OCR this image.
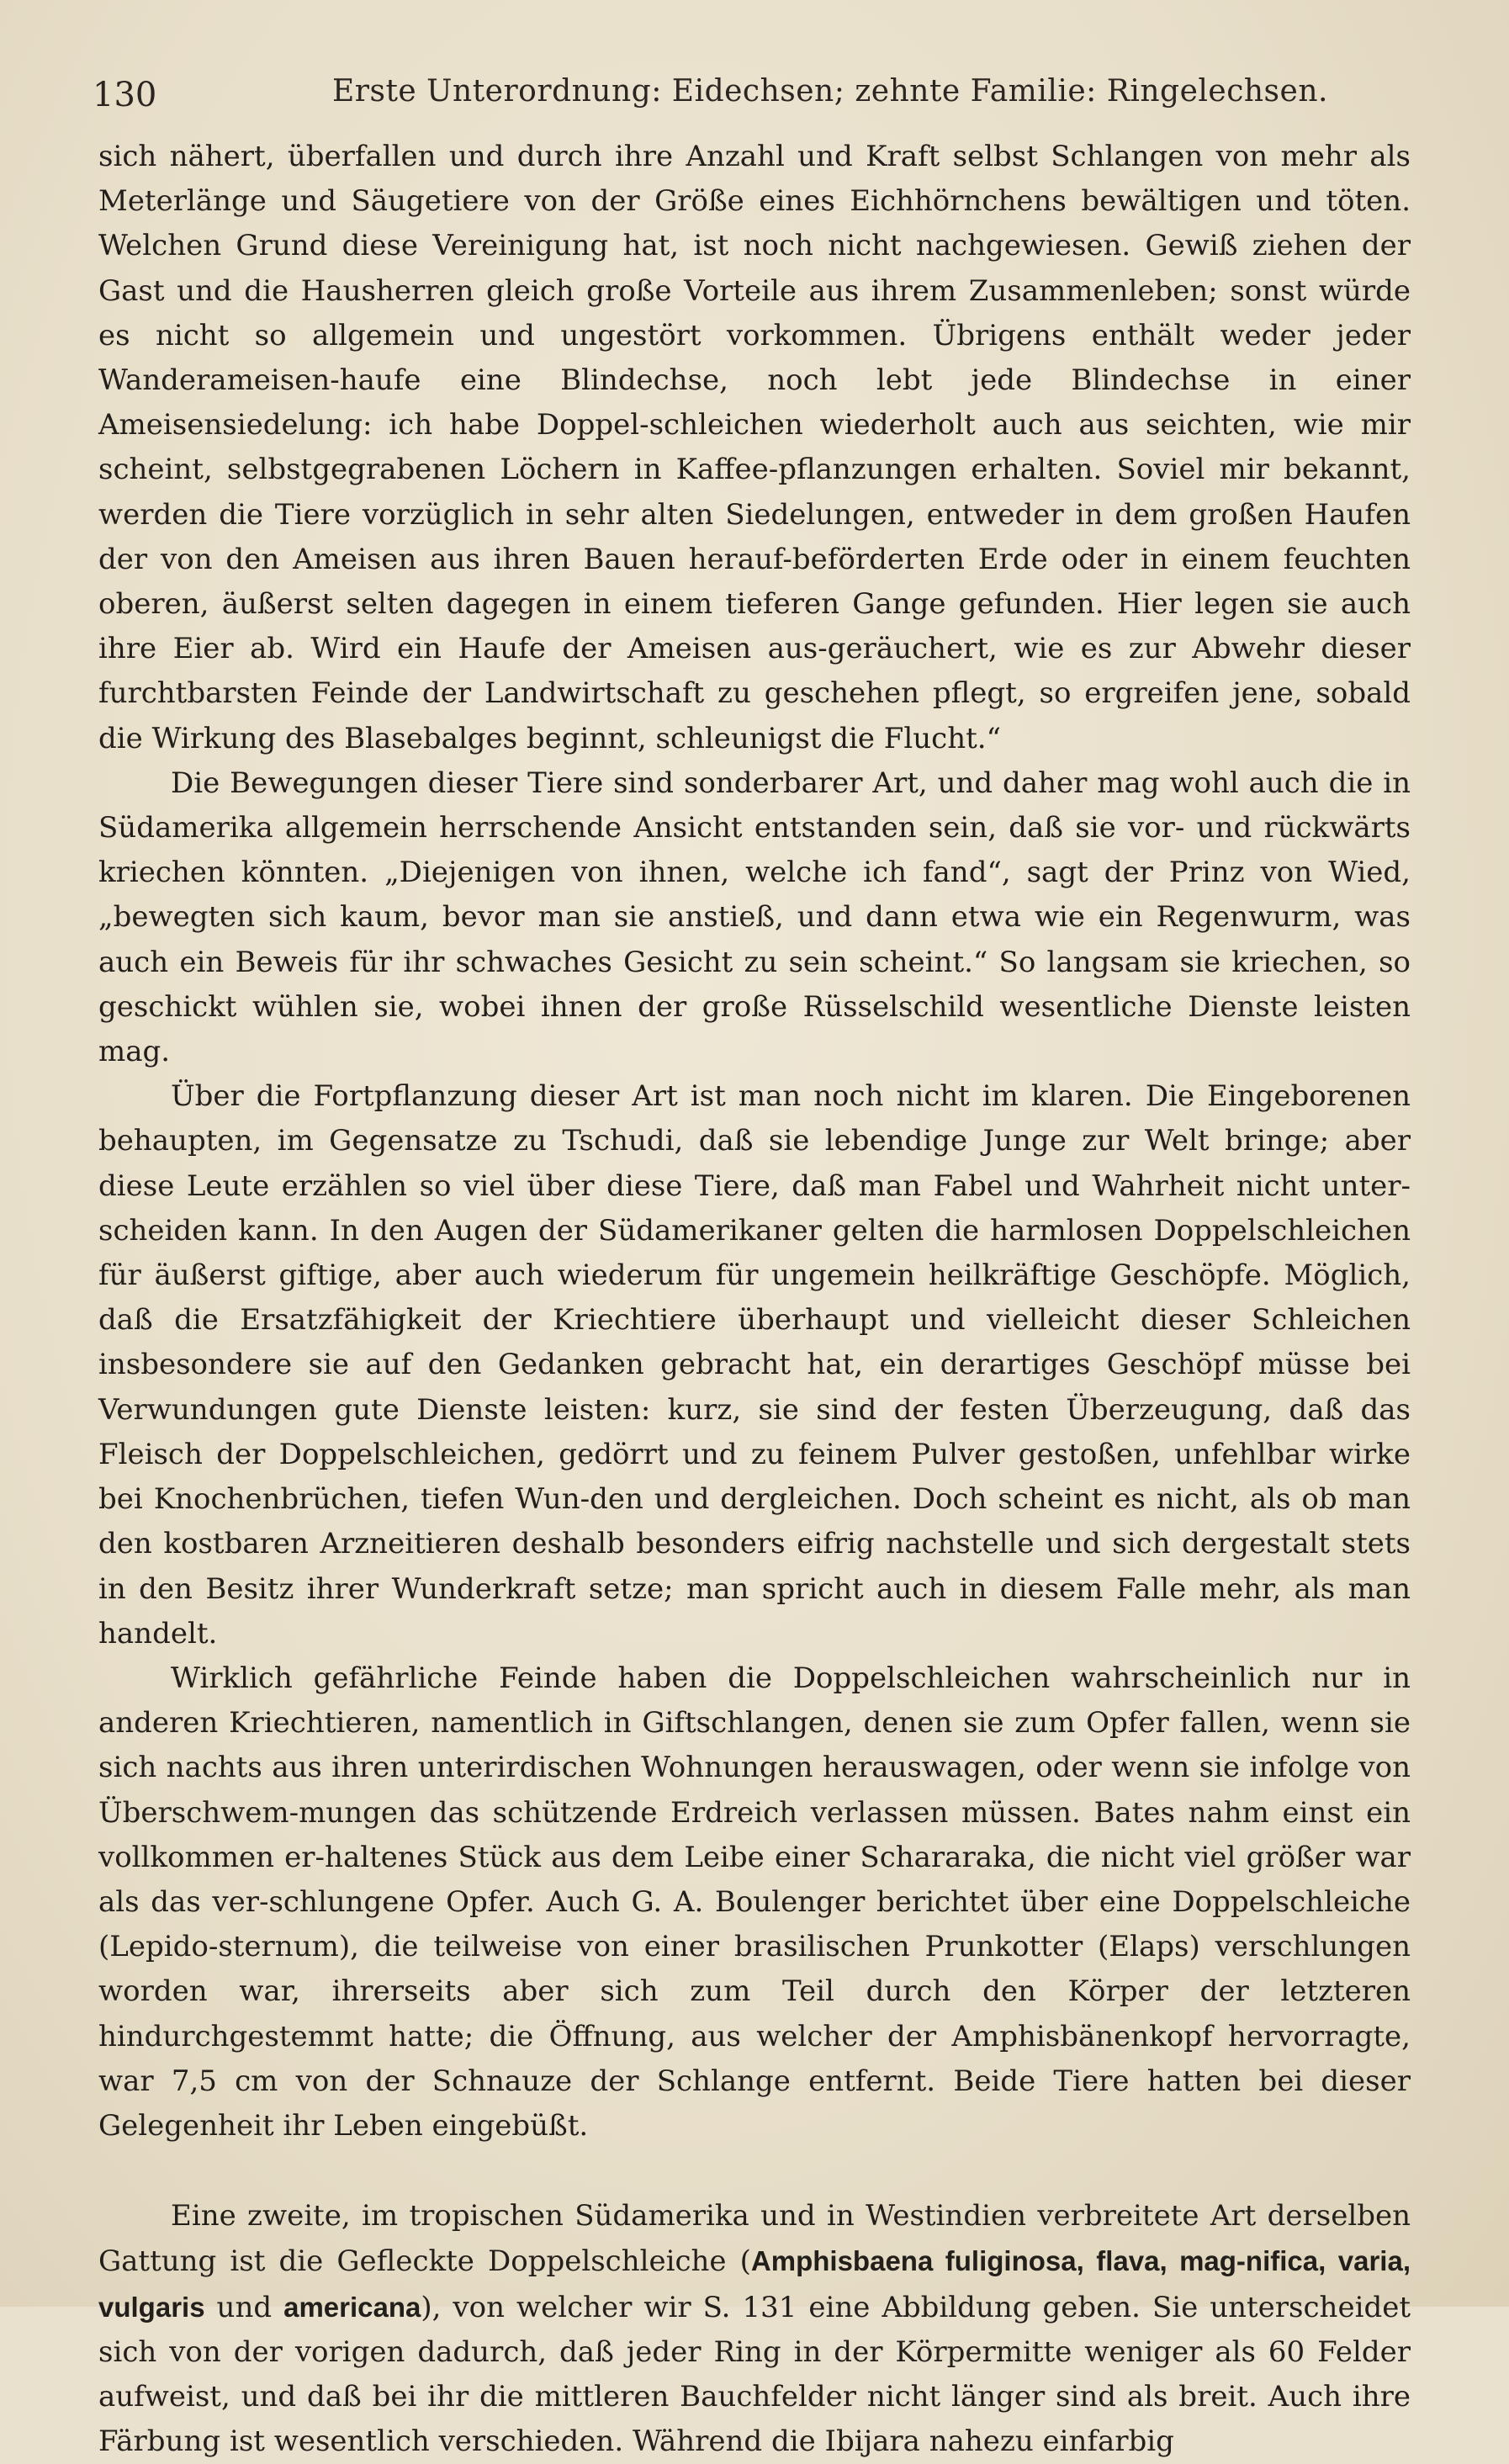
130	Erste Unterordnung: Eidechsen; zehnte Familie: Ringelechsen.

sich nähert, überfallen und durch ihre Anzahl und Kraft selbst Schlangen von mehr als Meterlänge und Säugetiere von der Größe eines Eichhörnchens bewältigen und töten. Welchen Grund diese Vereinigung hat, ist noch nicht nachgewiesen. Gewiß ziehen der Gast und die Hausherren gleich große Vorteile aus ihrem Zusammenleben; sonst würde es nicht so allgemein und ungestört vorkommen. Übrigens enthält weder jeder Wanderameisen-haufe eine Blindechse, noch lebt jede Blindechse in einer Ameisensiedelung: ich habe Doppel-schleichen wiederholt auch aus seichten, wie mir scheint, selbstgegrabenen Löchern in Kaffee-pflanzungen erhalten. Soviel mir bekannt, werden die Tiere vorzüglich in sehr alten Siedelungen, entweder in dem großen Haufen der von den Ameisen aus ihren Bauen herauf-beförderten Erde oder in einem feuchten oberen, äußerst selten dagegen in einem tieferen Gange gefunden. Hier legen sie auch ihre Eier ab. Wird ein Haufe der Ameisen aus-geräuchert, wie es zur Abwehr dieser furchtbarsten Feinde der Landwirtschaft zu geschehen pflegt, so ergreifen jene, sobald die Wirkung des Blasebalges beginnt, schleunigst die Flucht.“

Die Bewegungen dieser Tiere sind sonderbarer Art, und daher mag wohl auch die in Südamerika allgemein herrschende Ansicht entstanden sein, daß sie vor- und rückwärts kriechen könnten. „Diejenigen von ihnen, welche ich fand“, sagt der Prinz von Wied, „bewegten sich kaum, bevor man sie anstieß, und dann etwa wie ein Regenwurm, was auch ein Beweis für ihr schwaches Gesicht zu sein scheint.“ So langsam sie kriechen, so geschickt wühlen sie, wobei ihnen der große Rüsselschild wesentliche Dienste leisten mag.

Über die Fortpflanzung dieser Art ist man noch nicht im klaren. Die Eingeborenen behaupten, im Gegensatze zu Tschudi, daß sie lebendige Junge zur Welt bringe; aber diese Leute erzählen so viel über diese Tiere, daß man Fabel und Wahrheit nicht unter-scheiden kann. In den Augen der Südamerikaner gelten die harmlosen Doppelschleichen für äußerst giftige, aber auch wiederum für ungemein heilkräftige Geschöpfe. Möglich, daß die Ersatzfähigkeit der Kriechtiere überhaupt und vielleicht dieser Schleichen insbesondere sie auf den Gedanken gebracht hat, ein derartiges Geschöpf müsse bei Verwundungen gute Dienste leisten: kurz, sie sind der festen Überzeugung, daß das Fleisch der Doppelschleichen, gedörrt und zu feinem Pulver gestoßen, unfehlbar wirke bei Knochenbrüchen, tiefen Wun-den und dergleichen. Doch scheint es nicht, als ob man den kostbaren Arzneitieren deshalb besonders eifrig nachstelle und sich dergestalt stets in den Besitz ihrer Wunderkraft setze; man spricht auch in diesem Falle mehr, als man handelt.

Wirklich gefährliche Feinde haben die Doppelschleichen wahrscheinlich nur in anderen Kriechtieren, namentlich in Giftschlangen, denen sie zum Opfer fallen, wenn sie sich nachts aus ihren unterirdischen Wohnungen herauswagen, oder wenn sie infolge von Überschwem-mungen das schützende Erdreich verlassen müssen. Bates nahm einst ein vollkommen er-haltenes Stück aus dem Leibe einer Schararaka, die nicht viel größer war als das ver-schlungene Opfer. Auch G. A. Boulenger berichtet über eine Doppelschleiche (Lepido-sternum), die teilweise von einer brasilischen Prunkotter (Elaps) verschlungen worden war, ihrerseits aber sich zum Teil durch den Körper der letzteren hindurchgestemmt hatte; die Öffnung, aus welcher der Amphisbänenkopf hervorragte, war 7,5 cm von der Schnauze der Schlange entfernt. Beide Tiere hatten bei dieser Gelegenheit ihr Leben eingebüßt.

Eine zweite, im tropischen Südamerika und in Westindien verbreitete Art derselben Gattung ist die Gefleckte Doppelschleiche (Amphisbaena fuliginosa, flava, mag-nifica, varia, vulgaris und americana), von welcher wir S. 131 eine Abbildung geben. Sie unterscheidet sich von der vorigen dadurch, daß jeder Ring in der Körpermitte weniger als 60 Felder aufweist, und daß bei ihr die mittleren Bauchfelder nicht länger sind als breit. Auch ihre Färbung ist wesentlich verschieden. Während die Ibijara nahezu einfarbig
